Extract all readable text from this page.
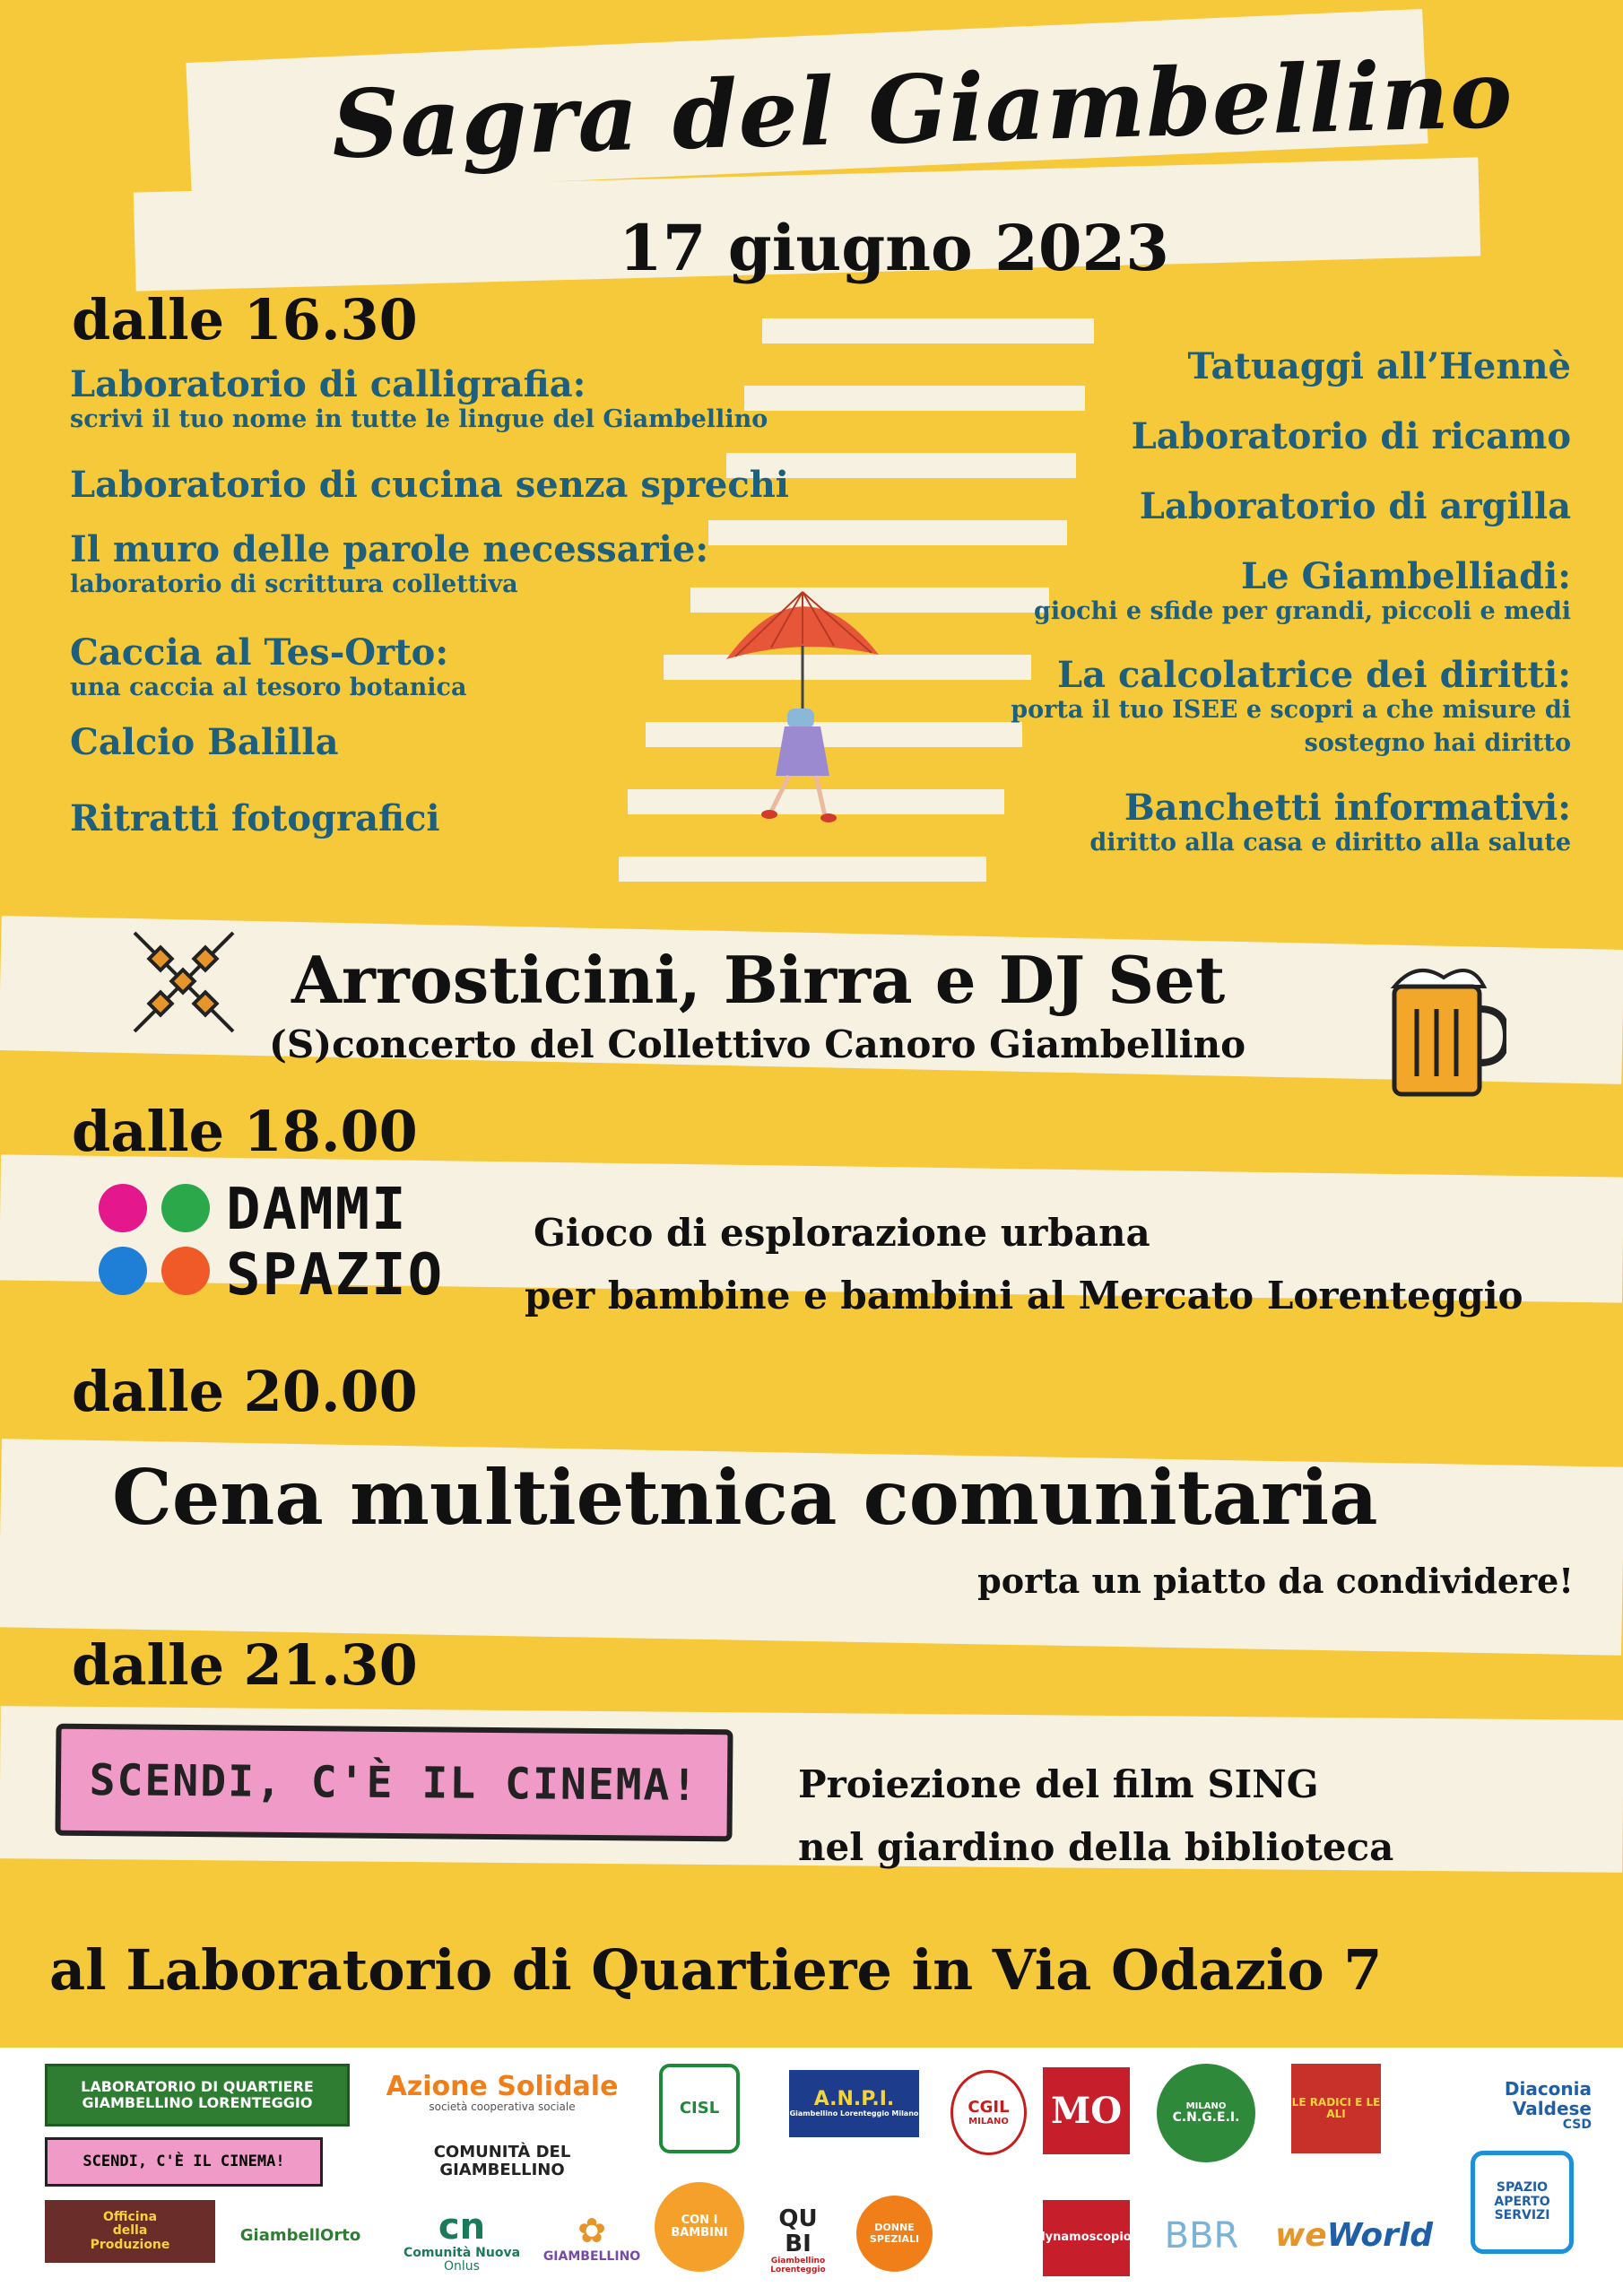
Sagra del Giambellino
17 giugno 2023
dalle 16.30
Laboratorio di calligrafia:
scrivi il tuo nome in tutte le lingue del Giambellino
Laboratorio di cucina senza sprechi
Il muro delle parole necessarie:
laboratorio di scrittura collettiva
Caccia al Tes-Orto:
una caccia al tesoro botanica
Calcio Balilla
Ritratti fotografici
Tatuaggi all’Hennè
Laboratorio di ricamo
Laboratorio di argilla
Le Giambelliadi:
giochi e sfide per grandi, piccoli e medi
La calcolatrice dei diritti:
porta il tuo ISEE e scopri a che misure di
sostegno hai diritto
Banchetti informativi:
diritto alla casa e diritto alla salute
Arrosticini, Birra e DJ Set
(S)concerto del Collettivo Canoro Giambellino
dalle 18.00
DAMMI
SPAZIO
Gioco di esplorazione urbana
per bambine e bambini al Mercato Lorenteggio
dalle 20.00
Cena multietnica comunitaria
porta un piatto da condividere!
dalle 21.30
SCENDI, C'È IL CINEMA!	Proiezione del film SING
nel giardino della biblioteca
al Laboratorio di Quartiere in Via Odazio 7
LABORATORIO DI QUARTIERE
GIAMBELLINO LORENTEGGIO
Azione Solidale
società cooperativa sociale
COMUNITÀ DEL
GIAMBELLINO
CISL	A.N.P.I.
Giambellino Lorenteggio Milano	CGIL
MILANO MO	MILANO
C.N.G.E.I.
LE RADICI E LE ALI
Diaconia
Valdese
CSD
SCENDI, C'È IL CINEMA!
Officina
della
Produzione	GiambellOrto cn
Comunità Nuova
Onlus
✿
GIAMBELLINO
CON I BAMBINI
QU
BI
Giambellino Lorenteggio
DONNE SPEZIALI	dynamoscopio. BBR we World
SPAZIO
APERTO
SERVIZI
